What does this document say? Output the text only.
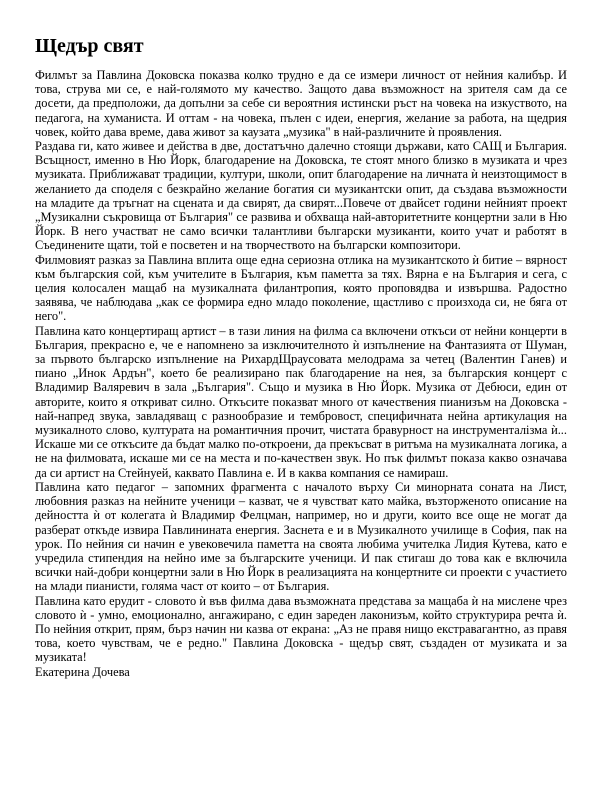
Щедър свят

Филмът за Павлина Доковска показва колко трудно е да се измери личност от нейния калибър. И това, струва ми се, е най-голямото му качество. Защото дава възможност на зрителя сам да се досети, да предположи, да допълни за себе си вероятния истински ръст на човека на изкуството, на педагога, на хуманиста. И оттам - на човека, пълен с идеи, енергия, желание за работа, на щедрия човек, който дава време, дава живот за каузата „музика" в най-различните ѝ проявления.

Раздава ги, като живее и действа в две, достатъчно далечно стоящи държави, като САЩ и България. Всъщност, именно в Ню Йорк, благодарение на Доковска, те стоят много близко в музиката и чрез музиката. Приближават традиции, култури, школи, опит благодарение на личната ѝ неизтощимост в желанието да споделя с безкрайно желание богатия си музикантски опит, да създава възможности на младите да тръгнат на сцената и да свирят, да свирят...Повече от двайсет години нейният проект „Музикални съкровища от България" се развива и обхваща най-авторитетните концертни зали в Ню Йорк. В него участват не само всички талантливи български музиканти, които учат и работят в Съединените щати, той е посветен и на творчеството на български композитори.

Филмовият разказ за Павлина вплита още една сериозна отлика на музикантското ѝ битие – вярност към българския сой, към учителите в България, към паметта за тях. Вярна е на България и сега, с целия колосален мащаб на музикалната филантропия, която проповядва и извършва. Радостно заявява, че наблюдава „как се формира едно младо поколение, щастливо с произхода си, не бяга от него".

Павлина като концертиращ артист – в тази линия на филма са включени откъси от нейни концерти в България, прекрасно е, че е напомнено за изключителното ѝ изпълнение на Фантазията от Шуман, за първото българско изпълнение на РихардЩраусовата мелодрама за четец (Валентин Ганев) и пиано „Инок Ардън", което бе реализирано пак благодарение на нея, за българския концерт с Владимир Валяревич в зала „България". Също и музика в Ню Йорк. Музика от Дебюси, един от авторите, които я откриват силно. Откъсите показват много от качествения пианизъм на Доковска - най-напред звука, завладяващ с разнообразие и тембровост, специфичната нейна артикулация на музикалното слово, културата на романтичния прочит, чистата бравурност на инструменталізма ѝ... Искаше ми се откъсите да бъдат малко по-откроени, да прекъсват в ритъма на музикалната логика, а не на филмовата, искаше ми се на места и по-качествен звук. Но пък филмът показа какво означава да си артист на Стейнуей, каквато Павлина е. И в каква компания се намираш.

Павлина като педагог – запомних фрагмента с началото върху Си минорната соната на Лист, любовния разказ на нейните ученици – казват, че я чувстват като майка, възторженото описание на дейността ѝ от колегата ѝ Владимир Фелцман, например, но и други, които все още не могат да разберат откъде извира Павлинината енергия. Заснета е и в Музикалното училище в София, пак на урок. По нейния си начин е увековечила паметта на своята любима учителка Лидия Кутева, като е учредила стипендия на нейно име за българските ученици. И пак стигаш до това как е включила всички най-добри концертни зали в Ню Йорк в реализацията на концертните си проекти с участието на млади пианисти, голяма част от които – от България.

Павлина като ерудит - словото ѝ във филма дава възможната представа за мащаба ѝ на мислене чрез словото ѝ - умно, емоционално, ангажирано, с един зареден лаконизъм, който структурира речта ѝ. По нейния открит, прям, бърз начин ни казва от екрана: „Аз не правя нищо екстравагантно, аз правя това, което чувствам, че е редно." Павлина Доковска - щедър свят, създаден от музиката и за музиката!

Екатерина Дочева
